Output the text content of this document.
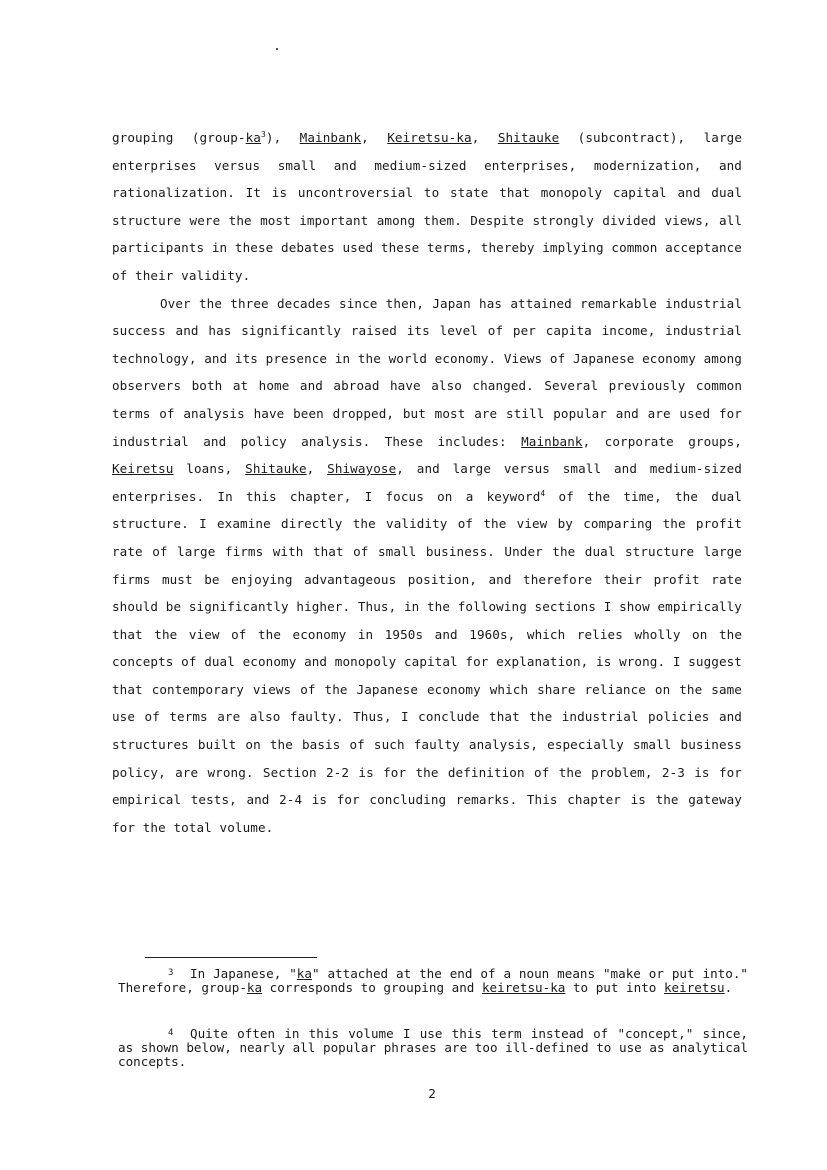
grouping $(group-ka^3)$, Mainbank, Keiretsu-ka, Shitauke (subcontract), large enterprises versus small and medium-sized enterprises, modernization, and rationalization. It is uncontroversial to state that monopoly capital and dual structure were the most important among them. Despite strongly divided views, all participants in these debates used these terms, thereby implying common acceptance of their validity.

Over the three decades since then, Japan has attained remarkable industrial success and has significantly raised its level of per capita income, industrial technology, and its presence in the world economy. Views of Japanese economy among observers both at home and abroad have also changed. Several previously common terms of analysis have been dropped, but most are still popular and are used for industrial and policy analysis. These includes: Mainbank, corporate groups, Keiretsu loans, Shitauke, Shiwayose, and large versus small and medium-sized enterprises. In this chapter, I focus on a keyword$^4$ of the time, the dual structure. I examine directly the validity of the view by comparing the profit rate of large firms with that of small business. Under the dual structure large firms must be enjoying advantageous position, and therefore their profit rate should be significantly higher. Thus, in the following sections I show empirically that the view of the economy in 1950s and 1960s, which relies wholly on the concepts of dual economy and monopoly capital for explanation, is wrong. I suggest that contemporary views of the Japanese economy which share reliance on the same use of terms are also faulty. Thus, I conclude that the industrial policies and structures built on the basis of such faulty analysis, especially small business policy, are wrong. Section 2-2 is for the definition of the problem, 2-3 is for empirical tests, and 2-4 is for concluding remarks. This chapter is the gateway for the total volume.

3 In Japanese, "ka" attached at the end of a noun means "make or put into." Therefore, group-ka corresponds to grouping and keiretsu-ka to put into keiretsu.

4 Quite often in this volume I use this term instead of "concept," since, as shown below, nearly all popular phrases are too ill-defined to use as analytical concepts.

2
